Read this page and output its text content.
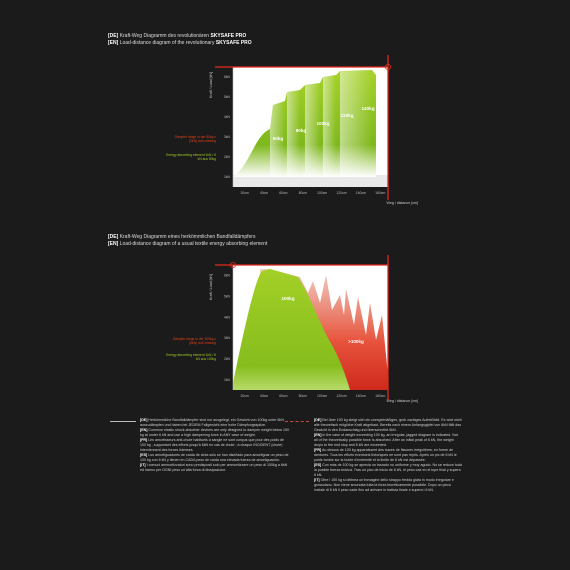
[DE] Kraft-Weg Diagramm des revolutionären SKYSAFE PRO
[EN] Load-distance diagram of the revolutionary SKYSAFE PRO
Kraft / Load [kN]
Weg / distance [cm]
6kN
5kN
4kN
3kN
2kN
1kN
20cm	40cm	60cm	80cm	100cm	120cm	140cm	160cm
50kg
80kg
100kg
120kg
140kg
Dämpfer lange in der 50kg x (2kN) auf Leistung
Energy absorbing element 1kN / 6 kN aus 50kg
[DE] Kraft-Weg Diagramm eines herkömmlichen Bandfalldämpfers
[EN] Load-distance diagram of a usual textile energy absorbing element
Kraft / Load [kN]
Weg / distance [cm]
6kN
5kN
4kN
3kN
2kN
1kN
20cm	40cm	60cm	80cm	100cm	120cm	140cm	160cm
100kg
>100kg
Dämpfer lange in der 100kg x (6kN) auf Leistung
Energy absorbing element 1kN / 6 kN aus 100kg

[DE] Herkömmliche Bandfalldämpfer sind nur ausgelegt, ein Gewicht von 100kg unter 6kN auszudämpfen und haben bei JEDEM Fallgewicht eine hohe Dämpfungsspitze.

[EN] Common elastic shock absorber devices are only designed to dampen weight below 100 kg at under 6 kN and use a high dampening force in ANY case of weight.

[FR] Les amortisseurs anti-chute habituels à sangle ne sont conçus que pour des poids de 100 kg , supportant des efforts jusqu'à 6kN en cas de chute ; à chaque INCIDENT (chute) interviennent des forces intenses.

[ES] Los amortiguadores de caída de cinta sólo se han diseñado para amortiguar un peso de 100 kg con 6 kN y tienen en CADA peso de caída una elevada fuerza de amortiguación.

[IT] I comuni ammortizzatori sono predisposti solo per ammortizzare un peso di 100kg a 6kN ed hanno per OGNI peso un'alta forza di dissipazione.

[DE] Bei über 100 kg steigt sich ein unregelmäßiges, grob zackiges Aufreißbild. Es wird nicht alle theoretisch mögliche Kraft abgebaut. Bereits nach einem Anfangsgipfel von 6kN fällt das Gewicht in den Endanschlag und überschreitet 6kN.

[EN] In the case of weight exceeding 100 kg, an irregular, jagged diagram is indicated. Not all of the theoretically possible force is absorbed. After an initial peak of 6 kN, the weight drops to the end stop and 6 kN are exceeded.

[FR] Au dessus de 100 kg apparaissent des traces de fissures irrégulières, en forme de dentures. Tous les efforts éventuels théoriques ne sont pas repris. Après un pic de 6 kN le poids tombe sur la butée d'extrémité et la limite de 6 kN est dépassée.

[ES] Con más de 100 kg se aprecia un trazado no uniforme y muy agudo. No se reduce toda la posible fuerza teórica. Tras un pico de inicio de 6 kN, el peso cae en el tope final y supera 6 kN.

[IT] Oltre i 100 kg si delinea un'immagine dello strappo fredda giata in modo irregolare e grossolano. Non viene smorzata tutta la forza teoreticamente possibile. Dopo un picco iniziale di 6 kN il peso cade fino ad arrivare in battuta finale e supera i 6 kN.
